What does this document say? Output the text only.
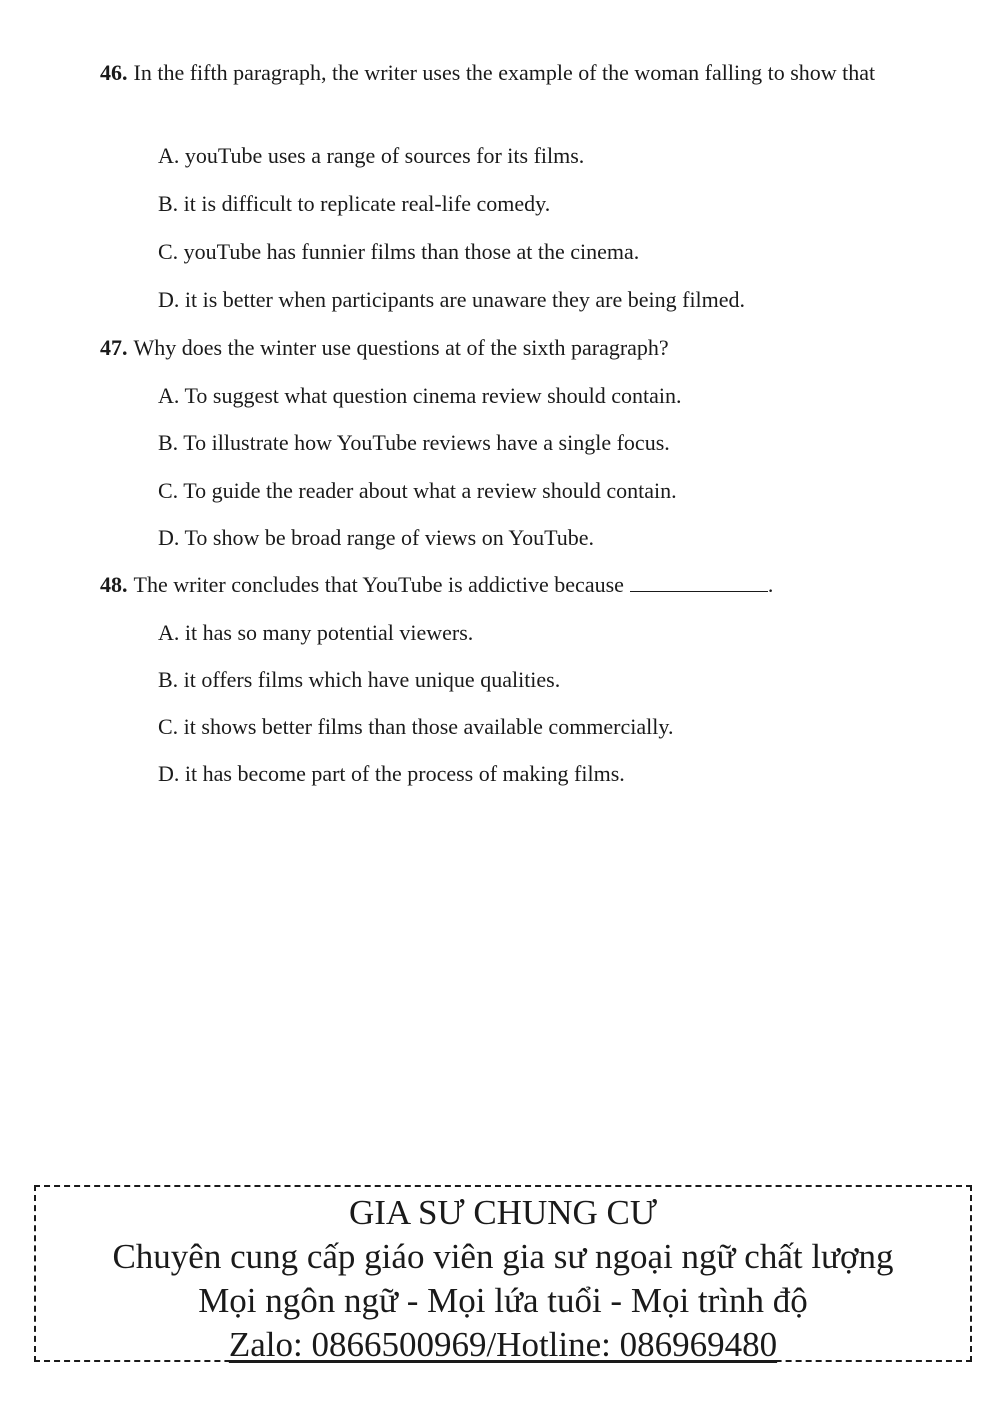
46. In the fifth paragraph, the writer uses the example of the woman falling to show that
A. youTube uses a range of sources for its films.
B. it is difficult to replicate real-life comedy.
C. youTube has funnier films than those at the cinema.
D. it is better when participants are unaware they are being filmed.
47. Why does the winter use questions at of the sixth paragraph?
A. To suggest what question cinema review should contain.
B. To illustrate how YouTube reviews have a single focus.
C. To guide the reader about what a review should contain.
D. To show be broad range of views on YouTube.
48. The writer concludes that YouTube is addictive because	.
A. it has so many potential viewers.
B. it offers films which have unique qualities.
C. it shows better films than those available commercially.
D. it has become part of the process of making films.

GIA SƯ CHUNG CƯ

Chuyên cung cấp giáo viên gia sư ngoại ngữ chất lượng

Mọi ngôn ngữ - Mọi lứa tuổi - Mọi trình độ

Zalo: 0866500969/Hotline: 086969480
